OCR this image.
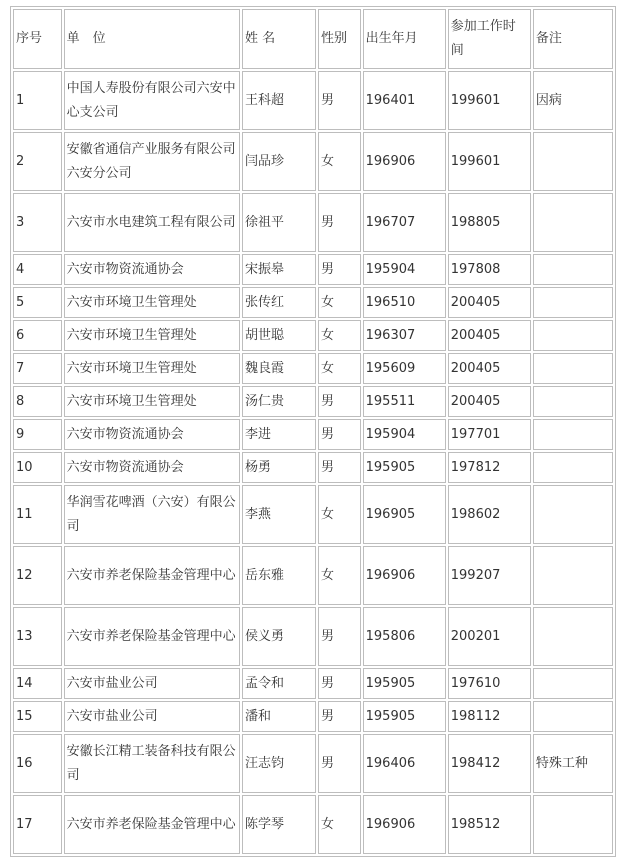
序号	单　位	姓 名	性别	出生年月	参加工作时间	备注
1	中国人寿股份有限公司六安中心支公司	王科超	男	196401	199601	因病
2	安徽省通信产业服务有限公司六安分公司	闫品珍	女	196906	199601	
3	六安市水电建筑工程有限公司	徐祖平	男	196707	198805	
4	六安市物资流通协会	宋振皋	男	195904	197808	
5	六安市环境卫生管理处	张传红	女	196510	200405	
6	六安市环境卫生管理处	胡世聪	女	196307	200405	
7	六安市环境卫生管理处	魏良霞	女	195609	200405	
8	六安市环境卫生管理处	汤仁贵	男	195511	200405	
9	六安市物资流通协会	李进	男	195904	197701	
10	六安市物资流通协会	杨勇	男	195905	197812	
11	华润雪花啤酒（六安）有限公司	李燕	女	196905	198602	
12	六安市养老保险基金管理中心	岳东雅	女	196906	199207	
13	六安市养老保险基金管理中心	侯义勇	男	195806	200201	
14	六安市盐业公司	孟令和	男	195905	197610	
15	六安市盐业公司	潘和	男	195905	198112	
16	安徽长江精工装备科技有限公司	汪志钧	男	196406	198412	特殊工种
17	六安市养老保险基金管理中心	陈学琴	女	196906	198512	
